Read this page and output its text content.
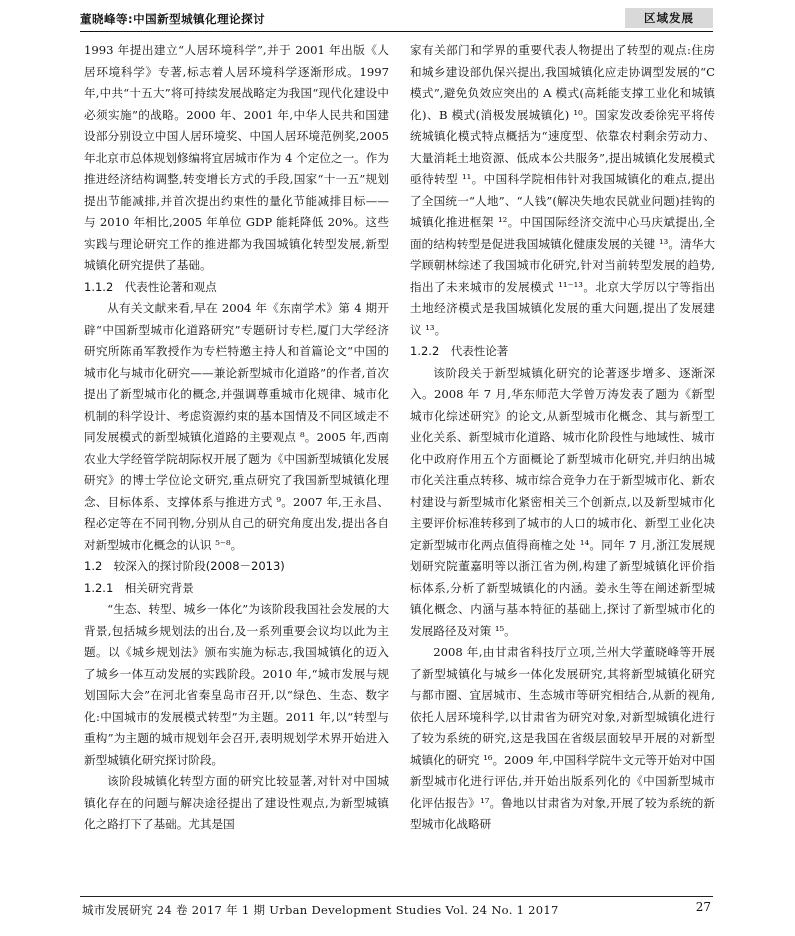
董晓峰等:中国新型城镇化理论探讨	区域发展

1993 年提出建立“人居环境科学”,并于 2001 年出版《人居环境科学》专著,标志着人居环境科学逐渐形成。1997 年,中共“十五大”将可持续发展战略定为我国“现代化建设中必须实施”的战略。2000 年、2001 年,中华人民共和国建设部分别设立中国人居环境奖、中国人居环境范例奖,2005 年北京市总体规划修编将宜居城市作为 4 个定位之一。作为推进经济结构调整,转变增长方式的手段,国家“十一五”规划提出节能减排,并首次提出约束性的量化节能减排目标—— 与 2010 年相比,2005 年单位 GDP 能耗降低 20%。这些实践与理论研究工作的推进都为我国城镇化转型发展,新型城镇化研究提供了基础。

1.1.2　代表性论著和观点

从有关文献来看,早在 2004 年《东南学术》第 4 期开辟“中国新型城市化道路研究”专题研讨专栏,厦门大学经济研究所陈甬军教授作为专栏特邀主持人和首篇论文“中国的城市化与城市化研究——兼论新型城市化道路”的作者,首次提出了新型城市化的概念,并强调尊重城市化规律、城市化机制的科学设计、考虑资源约束的基本国情及不同区域走不同发展模式的新型城镇化道路的主要观点 ⁸。2005 年,西南农业大学经管学院胡际权开展了题为《中国新型城镇化发展研究》的博士学位论文研究,重点研究了我国新型城镇化理念、目标体系、支撑体系与推进方式 ⁹。2007 年,王永昌、程必定等在不同刊物,分别从自己的研究角度出发,提出各自对新型城市化概念的认识 ⁵⁻⁸。

1.2　较深入的探讨阶段(2008－2013)

1.2.1　相关研究背景

“生态、转型、城乡一体化”为该阶段我国社会发展的大背景,包括城乡规划法的出台,及一系列重要会议均以此为主题。以《城乡规划法》颁布实施为标志,我国城镇化的迈入了城乡一体互动发展的实践阶段。2010 年,“城市发展与规划国际大会”在河北省秦皇岛市召开,以“绿色、生态、数字化:中国城市的发展模式转型”为主题。2011 年,以“转型与重构”为主题的城市规划年会召开,表明规划学术界开始进入新型城镇化研究探讨阶段。

该阶段城镇化转型方面的研究比较显著,对针对中国城镇化存在的问题与解决途径提出了建设性观点,为新型城镇化之路打下了基础。尤其是国

家有关部门和学界的重要代表人物提出了转型的观点:住房和城乡建设部仇保兴提出,我国城镇化应走协调型发展的“C 模式”,避免负效应突出的 A 模式(高耗能支撑工业化和城镇化)、B 模式(消极发展城镇化) ¹⁰。国家发改委徐宪平将传统城镇化模式特点概括为“速度型、依靠农村剩余劳动力、大量消耗土地资源、低成本公共服务”,提出城镇化发展模式亟待转型 ¹¹。中国科学院相伟针对我国城镇化的难点,提出了全国统一“人地”、“人钱”(解决失地农民就业问题)挂钩的城镇化推进框架 ¹²。中国国际经济交流中心马庆斌提出,全面的结构转型是促进我国城镇化健康发展的关键 ¹³。清华大学顾朝林综述了我国城市化研究,针对当前转型发展的趋势,指出了未来城市的发展模式 ¹¹⁻¹³。北京大学厉以宁等指出土地经济模式是我国城镇化发展的重大问题,提出了发展建议 ¹³。

1.2.2　代表性论著

该阶段关于新型城镇化研究的论著逐步增多、逐渐深入。2008 年 7 月,华东师范大学曾万涛发表了题为《新型城市化综述研究》的论文,从新型城市化概念、其与新型工业化关系、新型城市化道路、城市化阶段性与地域性、城市化中政府作用五个方面概论了新型城市化研究,并归纳出城市化关注重点转移、城市综合竞争力在于新型城市化、新农村建设与新型城市化紧密相关三个创新点,以及新型城市化主要评价标准转移到了城市的人口的城市化、新型工业化决定新型城市化两点值得商榷之处 ¹⁴。同年 7 月,浙江发展规划研究院董嘉明等以浙江省为例,构建了新型城镇化评价指标体系,分析了新型城镇化的内涵。姜永生等在阐述新型城镇化概念、内涵与基本特征的基础上,探讨了新型城市化的发展路径及对策 ¹⁵。

2008 年,由甘肃省科技厅立项,兰州大学董晓峰等开展了新型城镇化与城乡一体化发展研究,其将新型城镇化研究与都市圈、宜居城市、生态城市等研究相结合,从新的视角,依托人居环境科学,以甘肃省为研究对象,对新型城镇化进行了较为系统的研究,这是我国在省级层面较早开展的对新型城镇化的研究 ¹⁶。2009 年,中国科学院牛文元等开始对中国新型城市化进行评估,并开始出版系列化的《中国新型城市化评估报告》¹⁷。鲁地以甘肃省为对象,开展了较为系统的新型城市化战略研

城市发展研究 24 卷 2017 年 1 期 Urban Development Studies Vol. 24 No. 1 2017	27
